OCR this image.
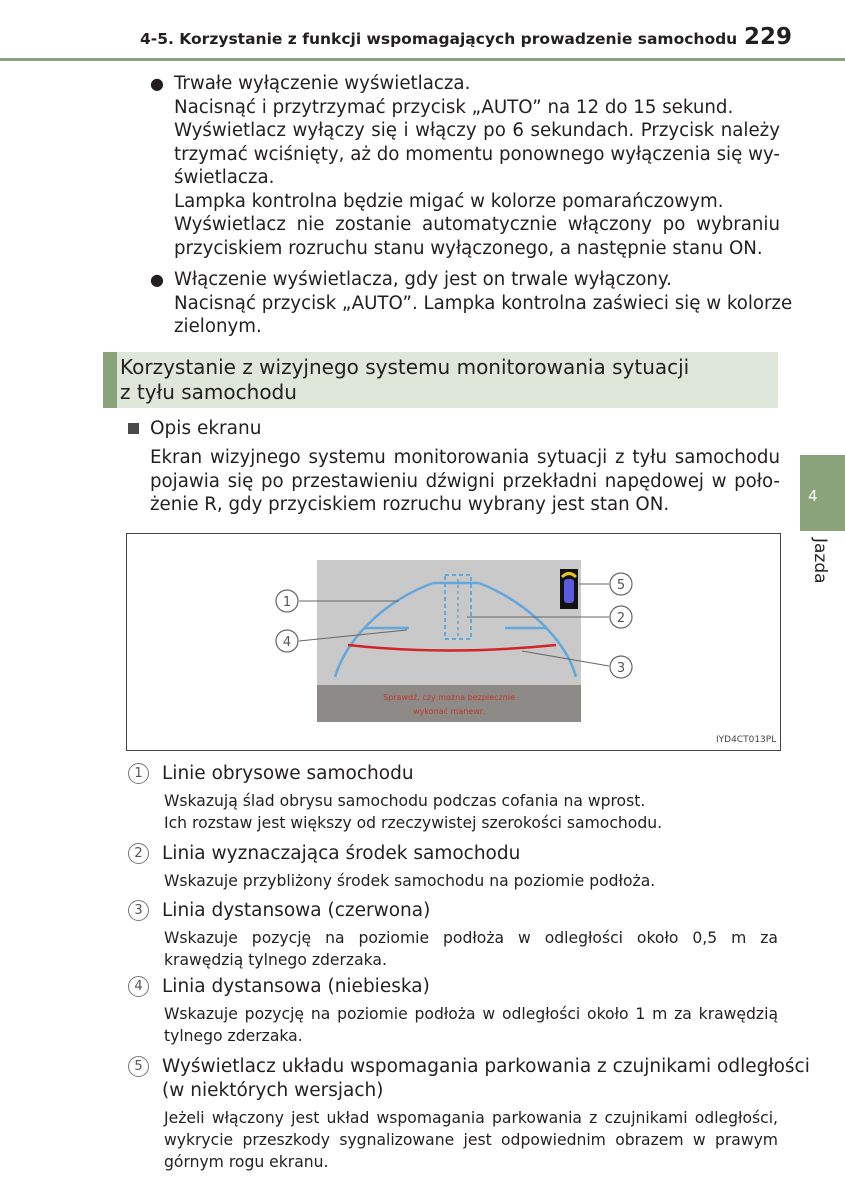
4-5. Korzystanie z funkcji wspomagających prowadzenie samochodu 229
● Trwałe wyłączenie wyświetlacza.
Nacisnąć i przytrzymać przycisk „AUTO” na 12 do 15 sekund.
Wyświetlacz wyłączy się i włączy po 6 sekundach. Przycisk należy
trzymać wciśnięty, aż do momentu ponownego wyłączenia się wy-
świetlacza.
Lampka kontrolna będzie migać w kolorze pomarańczowym.
Wyświetlacz nie zostanie automatycznie włączony po wybraniu
przyciskiem rozruchu stanu wyłączonego, a następnie stanu ON.
● Włączenie wyświetlacza, gdy jest on trwale wyłączony.
Nacisnąć przycisk „AUTO”. Lampka kontrolna zaświeci się w kolorze
zielonym.
Korzystanie z wizyjnego systemu monitorowania sytuacji
z tyłu samochodu
Opis ekranu
Ekran wizyjnego systemu monitorowania sytuacji z tyłu samochodu
pojawia się po przestawieniu dźwigni przekładni napędowej w poło-
żenie R, gdy przyciskiem rozruchu wybrany jest stan ON.
Sprawdź, czy można bezpiecznie
wykonać manewr.
1
4
2
3
5
IYD4CT013PL
4
Jazda
1	Linie obrysowe samochodu
Wskazują ślad obrysu samochodu podczas cofania na wprost.
Ich rozstaw jest większy od rzeczywistej szerokości samochodu.
2	Linia wyznaczająca środek samochodu
Wskazuje przybliżony środek samochodu na poziomie podłoża.
3	Linia dystansowa (czerwona)
Wskazuje pozycję na poziomie podłoża w odległości około 0,5 m za
krawędzią tylnego zderzaka.
4	Linia dystansowa (niebieska)
Wskazuje pozycję na poziomie podłoża w odległości około 1 m za krawędzią
tylnego zderzaka.
5	Wyświetlacz układu wspomagania parkowania z czujnikami odległości
(w niektórych wersjach)
Jeżeli włączony jest układ wspomagania parkowania z czujnikami odległości,
wykrycie przeszkody sygnalizowane jest odpowiednim obrazem w prawym
górnym rogu ekranu.
